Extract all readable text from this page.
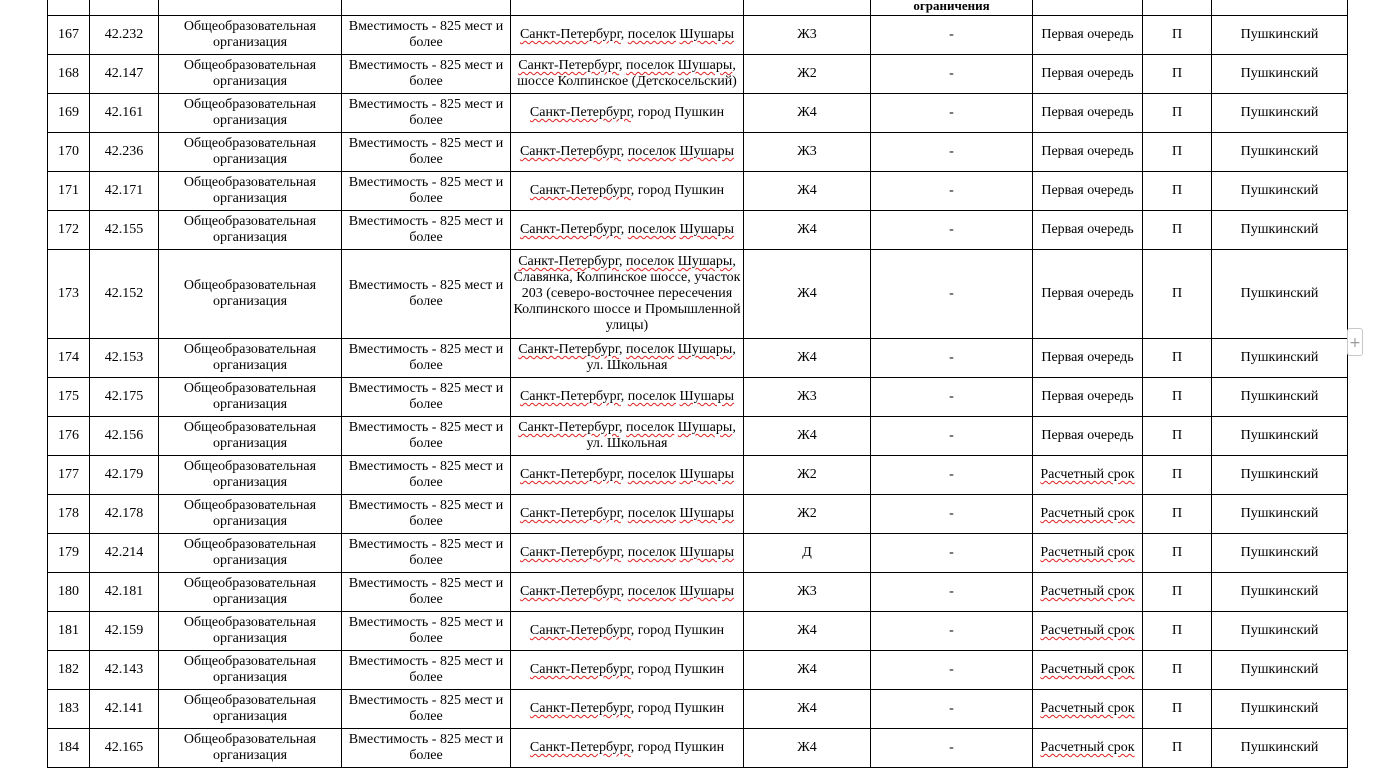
						ограничения			
167	42.232	Общеобразовательная организация	Вместимость - 825 мест и более	Санкт-Петербург, поселок Шушары	Ж3	-	Первая очередь	П	Пушкинский
168	42.147	Общеобразовательная организация	Вместимость - 825 мест и более	Санкт-Петербург, поселок Шушары, шоссе Колпинское (Детскосельский)	Ж2	-	Первая очередь	П	Пушкинский
169	42.161	Общеобразовательная организация	Вместимость - 825 мест и более	Санкт-Петербург, город Пушкин	Ж4	-	Первая очередь	П	Пушкинский
170	42.236	Общеобразовательная организация	Вместимость - 825 мест и более	Санкт-Петербург, поселок Шушары	Ж3	-	Первая очередь	П	Пушкинский
171	42.171	Общеобразовательная организация	Вместимость - 825 мест и более	Санкт-Петербург, город Пушкин	Ж4	-	Первая очередь	П	Пушкинский
172	42.155	Общеобразовательная организация	Вместимость - 825 мест и более	Санкт-Петербург, поселок Шушары	Ж4	-	Первая очередь	П	Пушкинский
173	42.152	Общеобразовательная организация	Вместимость - 825 мест и более	Санкт-Петербург, поселок Шушары, Славянка, Колпинское шоссе, участок 203 (северо-восточнее пересечения Колпинского шоссе и Промышленной улицы)	Ж4	-	Первая очередь	П	Пушкинский
174	42.153	Общеобразовательная организация	Вместимость - 825 мест и более	Санкт-Петербург, поселок Шушары, ул. Школьная	Ж4	-	Первая очередь	П	Пушкинский
175	42.175	Общеобразовательная организация	Вместимость - 825 мест и более	Санкт-Петербург, поселок Шушары	Ж3	-	Первая очередь	П	Пушкинский
176	42.156	Общеобразовательная организация	Вместимость - 825 мест и более	Санкт-Петербург, поселок Шушары, ул. Школьная	Ж4	-	Первая очередь	П	Пушкинский
177	42.179	Общеобразовательная организация	Вместимость - 825 мест и более	Санкт-Петербург, поселок Шушары	Ж2	-	Расчетный срок	П	Пушкинский
178	42.178	Общеобразовательная организация	Вместимость - 825 мест и более	Санкт-Петербург, поселок Шушары	Ж2	-	Расчетный срок	П	Пушкинский
179	42.214	Общеобразовательная организация	Вместимость - 825 мест и более	Санкт-Петербург, поселок Шушары	Д	-	Расчетный срок	П	Пушкинский
180	42.181	Общеобразовательная организация	Вместимость - 825 мест и более	Санкт-Петербург, поселок Шушары	Ж3	-	Расчетный срок	П	Пушкинский
181	42.159	Общеобразовательная организация	Вместимость - 825 мест и более	Санкт-Петербург, город Пушкин	Ж4	-	Расчетный срок	П	Пушкинский
182	42.143	Общеобразовательная организация	Вместимость - 825 мест и более	Санкт-Петербург, город Пушкин	Ж4	-	Расчетный срок	П	Пушкинский
183	42.141	Общеобразовательная организация	Вместимость - 825 мест и более	Санкт-Петербург, город Пушкин	Ж4	-	Расчетный срок	П	Пушкинский
184	42.165	Общеобразовательная организация	Вместимость - 825 мест и более	Санкт-Петербург, город Пушкин	Ж4	-	Расчетный срок	П	Пушкинский
+
